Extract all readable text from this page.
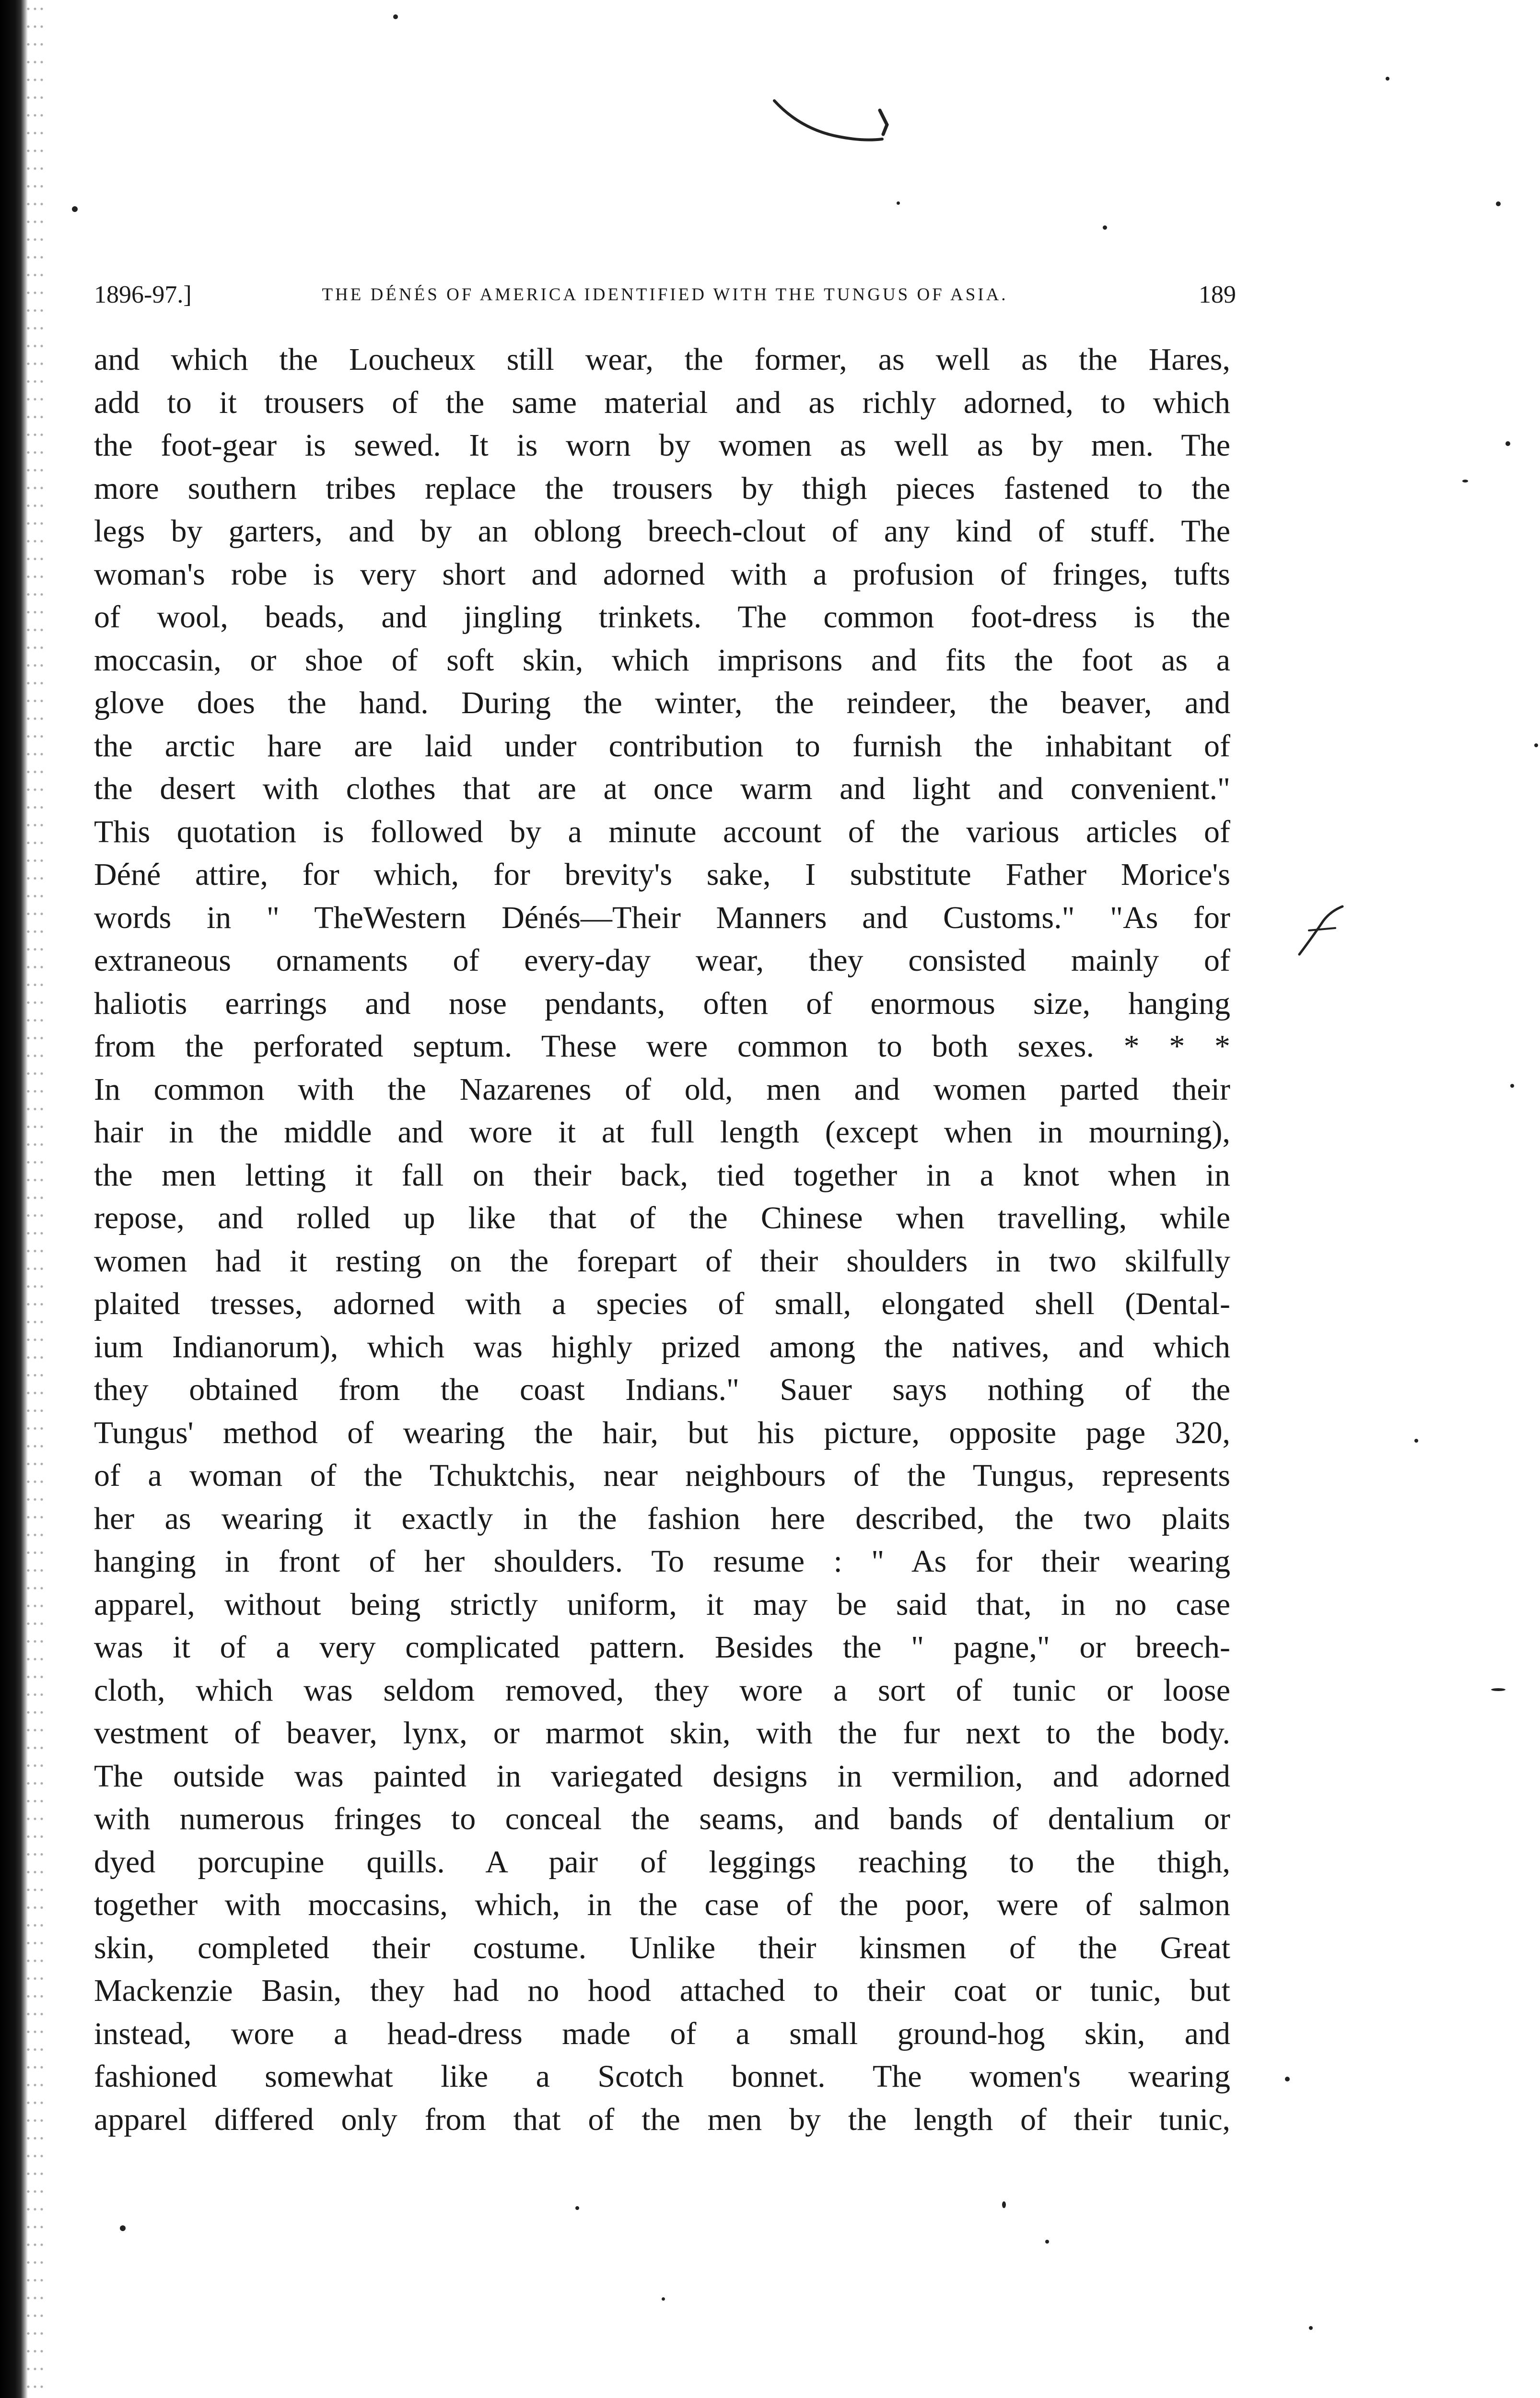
1896-97.]	THE DÉNÉS OF AMERICA IDENTIFIED WITH THE TUNGUS OF ASIA.	189
and which the Loucheux still wear, the former, as well as the Hares,
add to it trousers of the same material and as richly adorned, to which
the foot-gear is sewed. It is worn by women as well as by men. The
more southern tribes replace the trousers by thigh pieces fastened to the
legs by garters, and by an oblong breech-clout of any kind of stuff. The
woman's robe is very short and adorned with a profusion of fringes, tufts
of wool, beads, and jingling trinkets. The common foot-dress is the
moccasin, or shoe of soft skin, which imprisons and fits the foot as a
glove does the hand. During the winter, the reindeer, the beaver, and
the arctic hare are laid under contribution to furnish the inhabitant of
the desert with clothes that are at once warm and light and convenient."
This quotation is followed by a minute account of the various articles of
Déné attire, for which, for brevity's sake, I substitute Father Morice's
words in " TheWestern Dénés—Their Manners and Customs." "As for
extraneous ornaments of every-day wear, they consisted mainly of
haliotis earrings and nose pendants, often of enormous size, hanging
from the perforated septum. These were common to both sexes. * * *
In common with the Nazarenes of old, men and women parted their
hair in the middle and wore it at full length (except when in mourning),
the men letting it fall on their back, tied together in a knot when in
repose, and rolled up like that of the Chinese when travelling, while
women had it resting on the forepart of their shoulders in two skilfully
plaited tresses, adorned with a species of small, elongated shell (Dental-
ium Indianorum), which was highly prized among the natives, and which
they obtained from the coast Indians." Sauer says nothing of the
Tungus' method of wearing the hair, but his picture, opposite page 320,
of a woman of the Tchuktchis, near neighbours of the Tungus, represents
her as wearing it exactly in the fashion here described, the two plaits
hanging in front of her shoulders. To resume : " As for their wearing
apparel, without being strictly uniform, it may be said that, in no case
was it of a very complicated pattern. Besides the " pagne," or breech-
cloth, which was seldom removed, they wore a sort of tunic or loose
vestment of beaver, lynx, or marmot skin, with the fur next to the body.
The outside was painted in variegated designs in vermilion, and adorned
with numerous fringes to conceal the seams, and bands of dentalium or
dyed porcupine quills. A pair of leggings reaching to the thigh,
together with moccasins, which, in the case of the poor, were of salmon
skin, completed their costume. Unlike their kinsmen of the Great
Mackenzie Basin, they had no hood attached to their coat or tunic, but
instead, wore a head-dress made of a small ground-hog skin, and
fashioned somewhat like a Scotch bonnet. The women's wearing
apparel differed only from that of the men by the length of their tunic,
